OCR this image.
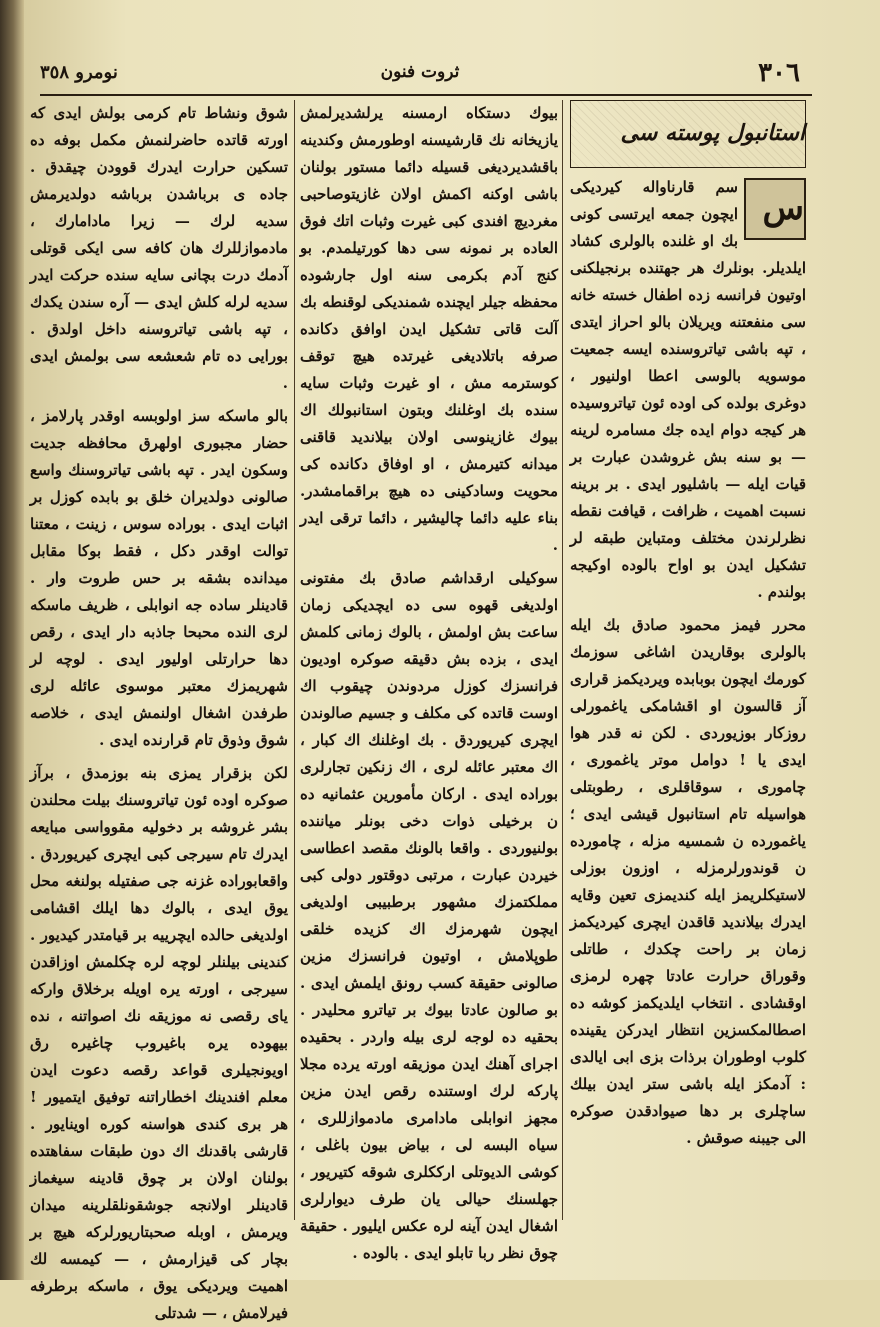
٣٠٦
ثروت فنون
نومرو ٣٥٨
استانبول پوسته سی

س
سم قارناواله کیردیکی ایچون جمعه ایرتسی کونی بك او غلنده بالولری کشاد ایلدیلر. بونلرك هر جهتنده برنجیلکنی اوتیون فرانسه زده اطفال خسته خانه سی منفعتنه ویریلان بالو احراز ایتدی ، تپه باشی تیاتروسنده ایسه جمعیت موسویه بالوسی اعطا اولنیور ، دوغری بولده کی اوده ئون تیاتروسیده هر کیجه دوام ایده جك مسامره لرینه — بو سنه بش غروشدن عبارت بر قیات ایله — باشلیور ایدی . بر برینه نسبت اهمیت ، ظرافت ، قیافت نقطه نظرلرندن مختلف ومتباین طبقه لر تشکیل ایدن بو اواح بالوده اوکیجه بولندم .

محرر فیمز محمود صادق بك ایله بالولری بوقاریدن اشاغی سوزمك کورمك ایچون بوبابده ویردیکمز قراری آز قالسون او اقشامکی یاغمورلی روزکار بوزیوردی . لکن نه قدر هوا ایدی یا ! دوامل موتر یاغموری ، چاموری ، سوقاقلری ، رطوبتلی هواسیله تام استانبول قیشی ایدی ؛ یاغمورده ن شمسیه مزله ، چامورده ن قوندورلرمزله ، اوزون بوزلی لاستیکلریمز ایله کندیمزی تعین وقایه ایدرك بیلاندید قاقدن ایچری کیردیکمز زمان بر راحت چکدك ، طاتلی وقوراق حرارت عادتا چهره لرمزی اوقشادی . انتخاب ایلدیکمز کوشه ده اصطالمكسزین انتظار ایدرکن یقینده کلوب اوطوران برذات بزی ابی ایالدی : آدمکز ایله باشی ستر ایدن بیلك ساچلری بر دها صیوادقدن صوکره الی جیبنه صوقش .

بیوك دستکاه ارمسنه یرلشدیرلمش یازیخانه نك قارشیسنه اوطورمش وکندینه باقشدیردیغی قسیله دائما مستور بولنان باشی اوکنه اکمش اولان غازیتوصاحبی مغردیچ افندی کبی غیرت وثبات اتك فوق العاده بر نمونه سی دها کورتیلمدم. بو کنج آدم بکرمی سنه اول جارشوده محفظه جیلر ایچنده شمندیکی لوقنطه بك آلت قاتی تشکیل ایدن اوافق دکانده صرفه باتلادیغی غیرتده هیچ توقف کوسترمه مش ، او غیرت وثبات سایه سنده بك اوغلنك وبتون استانبولك اك بیوك غازینوسی اولان بیلاندید قاقنی میدانه کتیرمش ، او اوفاق دکانده کی محویت وسادکینی ده هیچ براقمامشدر. بناء علیه دائما چالیشیر ، دائما ترقی ایدر .

سوکیلی ارقداشم صادق بك مفتونی اولدیغی قهوه سی ده ایچدیکی زمان ساعت بش اولمش ، بالوك زمانی کلمش ایدی ، بزده بش دقیقه صوکره اودیون فرانسزك کوزل مردوندن چیقوب اك اوست قاتده کی مکلف و جسیم صالوندن ایچری کیریوردق . بك اوغلنك اك کبار ، اك معتبر عائله لری ، اك زنکین تجارلری بوراده ایدی . ارکان مأمورین عثمانیه ده ن برخیلی ذوات دخی بونلر میاننده بولنیوردی . واقعا بالونك مقصد اعطاسی خیردن عبارت ، مرتبی دوقتور دولی کبی مملکتمزك مشهور برطبیبی اولدیغی ایچون شهرمزك اك کزیده خلقی طوپلامش ، اوتیون فرانسزك مزین صالونی حقیقة کسب رونق ایلمش ایدی . بو صالون عادتا بیوك بر تیاترو محلیدر . بحقیه ده لوجه لری بیله واردر . بحقیده اجرای آهنك ایدن موزیقه اورته یرده مجلا پارکه لرك اوستنده رقص ایدن مزین مجهز انوابلی مادامری مادموازللری ، سیاه البسه لی ، بیاض بیون باغلی ، کوشی الدیوتلی ارککلری شوقه کتیریور ، جهلسنك حیالی یان طرف دیوارلری اشغال ایدن آینه لره عکس ایلیور . حقیقة چوق نظر ربا تابلو ایدی . بالوده .

شوق ونشاط تام کرمی بولش ایدی که اورته قاتده حاضرلنمش مکمل بوفه ده تسکین حرارت ایدرك قوودن چیقدق . جاده ی برباشدن برباشه دولدیرمش سدیه لرك — زیرا مادامارك ، مادموازللرك هان کافه سی ایکی قوتلی آدمك درت بچانی سایه سنده حرکت ایدر سدیه لرله کلش ایدی — آره سندن یکدك ، تپه باشی تیاتروسنه داخل اولدق . بورایی ده تام شعشعه سی بولمش ایدی .

بالو ماسکه سز اولوبسه اوقدر پارلامز ، حضار مجبوری اولهرق محافظه جدیت وسکون ایدر . تپه باشی تیاتروسنك واسع صالونی دولدیران خلق بو بابده کوزل بر اثبات ایدی . بوراده سوس ، زینت ، معتنا توالت اوقدر دکل ، فقط بوکا مقابل میدانده بشقه بر حس طروت وار . قادینلر ساده جه انوابلی ، ظریف ماسکه لری النده محبحا جاذبه دار ایدی ، رقص دها حرارتلی اولیور ایدی . لوچه لر شهریمزك معتبر موسوی عائله لری طرفدن اشغال اولنمش ایدی ، خلاصه شوق وذوق تام قرارنده ایدی .

لکن بزقرار یمزی بنه بوزمدق ، برآز صوکره اوده ئون تیاتروسنك بیلت محلندن بشر غروشه بر دخولیه مقوواسی مبایعه ایدرك تام سیرجی کبی ایچری کیریوردق . واقعابوراده غزنه جی صفتیله بولنغه محل یوق ایدی ، بالوك دها ایلك اقشامی اولدیغی حالده ایچرییه بر قیامتدر کیدیور . کندینی بیلنلر لوچه لره چکلمش اوزاقدن سیرجی ، اورته یره اویله برخلاق وارکه یای رقصی نه موزیقه نك اصواتنه ، نده بیهوده یره باغیروب چاغیره رق اویونجیلری قواعد رقصه دعوت ایدن معلم افندینك اخطاراتنه توفیق ایتمیور ! هر بری کندی هواسنه کوره اوینایور . قارشی باقدنك اك دون طبقات سفاهتده بولنان اولان بر چوق قادینه سیغماز قادینلر اولانجه جوشقونلقلرینه میدان ویرمش ، اوبله صحبتاریورلرکه هیچ بر بچار کی قیزارمش ، — کیمسه لك اهمیت ویردیکی یوق ، ماسکه برطرفه فیرلامش ، — شدتلی
